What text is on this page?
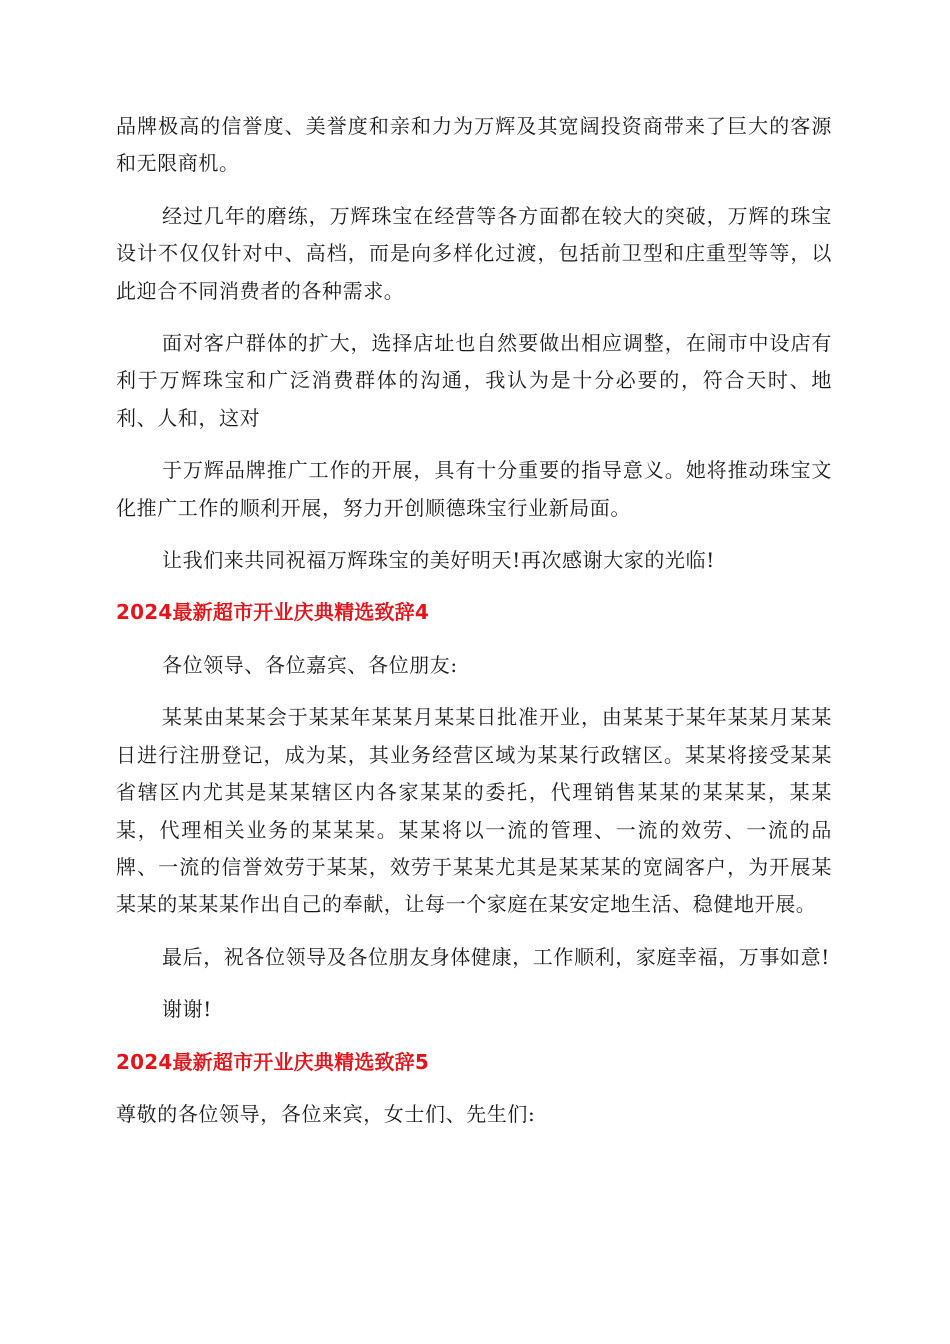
品牌极高的信誉度、美誉度和亲和力为万辉及其宽阔投资商带来了巨大的客源和无限商机。

经过几年的磨练，万辉珠宝在经营等各方面都在较大的突破，万辉的珠宝设计不仅仅针对中、高档，而是向多样化过渡，包括前卫型和庄重型等等，以此迎合不同消费者的各种需求。

面对客户群体的扩大，选择店址也自然要做出相应调整，在闹市中设店有利于万辉珠宝和广泛消费群体的沟通，我认为是十分必要的，符合天时、地利、人和，这对

于万辉品牌推广工作的开展，具有十分重要的指导意义。她将推动珠宝文化推广工作的顺利开展，努力开创顺德珠宝行业新局面。

让我们来共同祝福万辉珠宝的美好明天!再次感谢大家的光临!

2024最新超市开业庆典精选致辞4

各位领导、各位嘉宾、各位朋友:

某某由某某会于某某年某某月某某日批准开业，由某某于某年某某月某某日进行注册登记，成为某，其业务经营区域为某某行政辖区。某某将接受某某省辖区内尤其是某某辖区内各家某某的委托，代理销售某某的某某某，某某某，代理相关业务的某某某。某某将以一流的管理、一流的效劳、一流的品牌、一流的信誉效劳于某某，效劳于某某尤其是某某某的宽阔客户，为开展某某某的某某某作出自己的奉献，让每一个家庭在某安定地生活、稳健地开展。

最后，祝各位领导及各位朋友身体健康，工作顺利，家庭幸福，万事如意!

谢谢!

2024最新超市开业庆典精选致辞5

尊敬的各位领导，各位来宾，女士们、先生们:
